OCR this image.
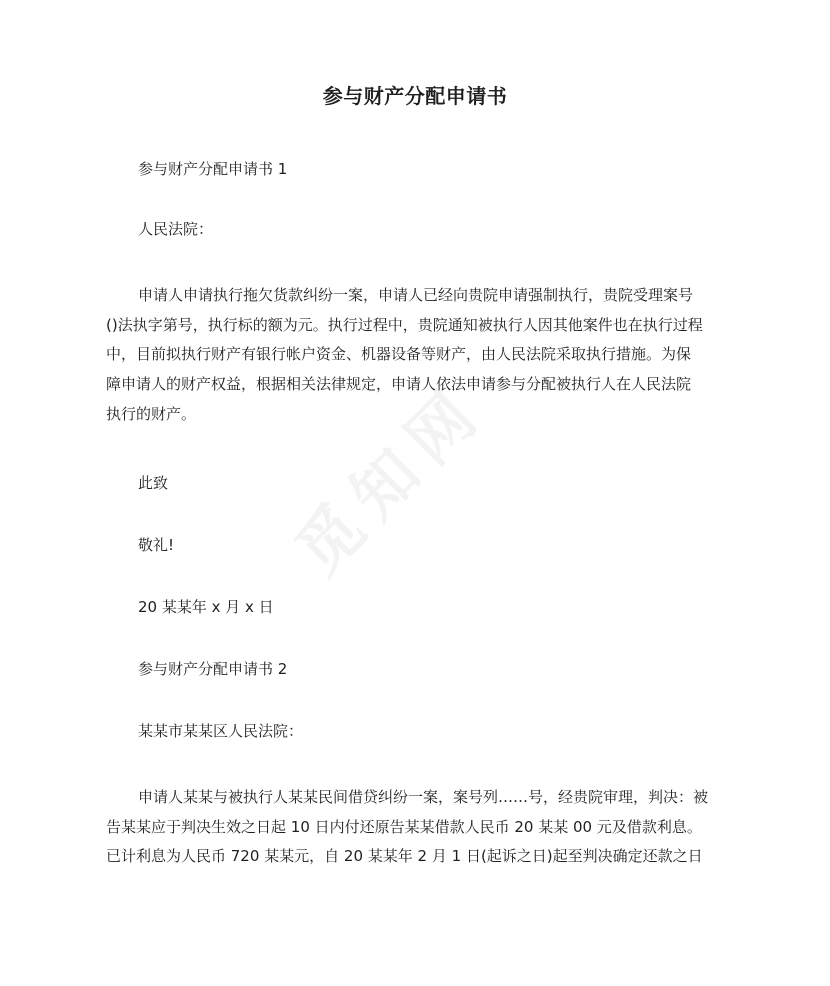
参与财产分配申请书
参与财产分配申请书 1
人民法院：
申请人申请执行拖欠货款纠纷一案，申请人已经向贵院申请强制执行，贵院受理案号
()法执字第号，执行标的额为元。执行过程中，贵院通知被执行人因其他案件也在执行过程
中，目前拟执行财产有银行帐户资金、机器设备等财产，由人民法院采取执行措施。为保
障申请人的财产权益，根据相关法律规定，申请人依法申请参与分配被执行人在人民法院
执行的财产。
此致
敬礼!
20 某某年 x 月 x 日
参与财产分配申请书 2
某某市某某区人民法院：
申请人某某与被执行人某某民间借贷纠纷一案，案号列……号，经贵院审理，判决：被
告某某应于判决生效之日起 10 日内付还原告某某借款人民币 20 某某 00 元及借款利息。
已计利息为人民币 720 某某元，自 20 某某年 2 月 1 日(起诉之日)起至判决确定还款之日
